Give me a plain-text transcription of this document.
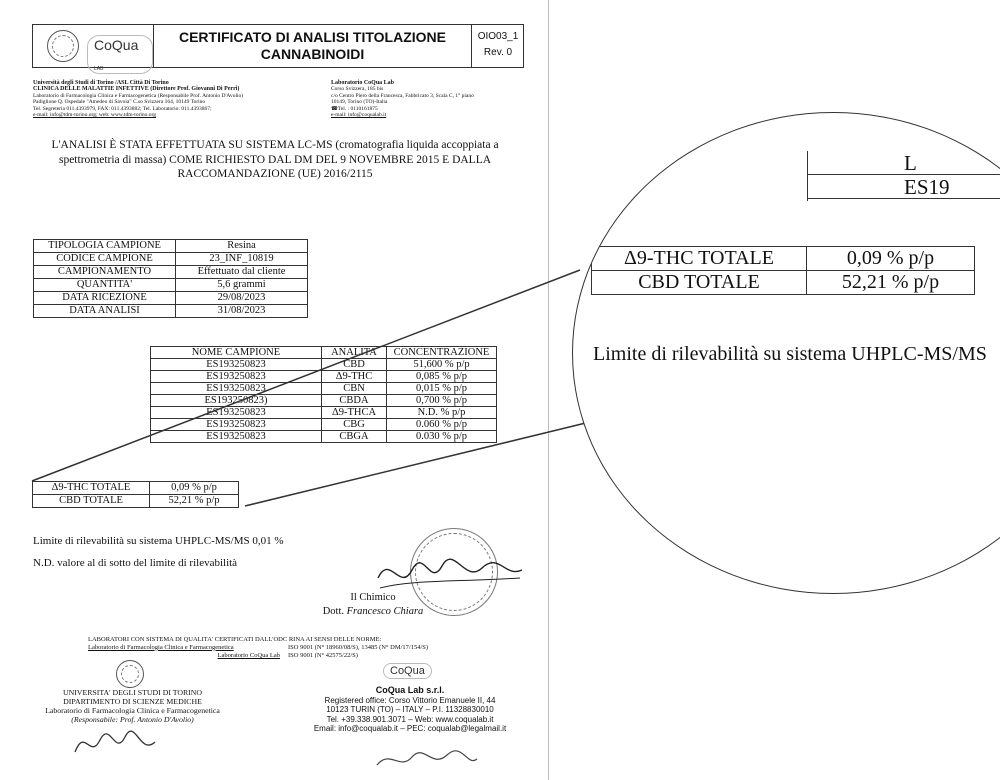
CoQua $_{LAB}$
CERTIFICATO DI ANALISI TITOLAZIONE
CANNABINOIDI
OIO03_1
Rev. 0
Università degli Studi di Torino /ASL Città Di Torino
CLINICA DELLE MALATTIE INFETTIVE (Direttore Prof. Giovanni Di Perri)
Laboratorio di Farmacologia Clinica e Farmacogenetica (Responsabile Prof. Antonio D'Avolio)
Padiglione Q. Ospedale "Amedeo di Savoia" C.so Svizzera 164, 10149 Torino
Tel. Segreteria 011.4393979, FAX: 011.4393882; Tel. Laboratorio: 011.4393867;
e-mail: info@tdm-torino.org; web: www.tdm-torino.org
Laboratorio CoQua Lab
Corso Svizzera, 185 bis
c/o Centro Piero della Francesca, Fabbricato 3, Scala C, 1° piano
10149, Torino (TO)-Italia
☎Tel. : 0110161875
e-mail: info@coqualab.it
L'ANALISI È STATA EFFETTUATA SU SISTEMA LC-MS (cromatografia liquida accoppiata a
spettrometria di massa) COME RICHIESTO DAL DM DEL 9 NOVEMBRE 2015 E DALLA
RACCOMANDAZIONE (UE) 2016/2115
TIPOLOGIA CAMPIONE	Resina
CODICE CAMPIONE	23_INF_10819
CAMPIONAMENTO	Effettuato dal cliente
QUANTITA'	5,6 grammi
DATA RICEZIONE	29/08/2023
DATA ANALISI	31/08/2023
NOME CAMPIONE	ANALITA	CONCENTRAZIONE
ES193250823	CBD	51,600 % p/p
ES193250823	Δ9-THC	0,085 % p/p
ES193250823	CBN	0,015 % p/p
ES193250823)	CBDA	0,700 % p/p
ES193250823	Δ9-THCA	N.D. % p/p
ES193250823	CBG	0.060 % p/p
ES193250823	CBGA	0.030 % p/p
Δ9-THC TOTALE	0,09 % p/p
CBD TOTALE	52,21 % p/p
Limite di rilevabilità su sistema UHPLC-MS/MS 0,01 %
N.D. valore al di sotto del limite di rilevabilità
Il Chimico
Dott. Francesco Chiara
LABORATORI CON SISTEMA DI QUALITA' CERTIFICATI DALL'ODC RINA AI SENSI DELLE NORME:
Laboratorio di Farmacologia Clinica e Farmacogenetica	ISO 9001 (N° 18960/08/S), 13485 (N° DM/17/154/S)
Laboratorio CoQua Lab ISO 9001 (N° 42575/22/S)
CoQua
UNIVERSITA' DEGLI STUDI DI TORINO
DIPARTIMENTO DI SCIENZE MEDICHE
Laboratorio di Farmacologia Clinica e Farmacogenetica
(Responsabile: Prof. Antonio D'Avolio)
CoQua Lab s.r.l.
Registered office: Corso Vittorio Emanuele II, 44
10123 TURIN (TO) – ITALY – P.I. 11328830010
Tel. +39.338.901.3071 – Web: www.coqualab.it
Email: info@coqualab.it – PEC: coqualab@legalmail.it
L
ES19
Δ9-THC TOTALE	0,09 % p/p
CBD TOTALE	52,21 % p/p
Limite di rilevabilità su sistema UHPLC-MS/MS
